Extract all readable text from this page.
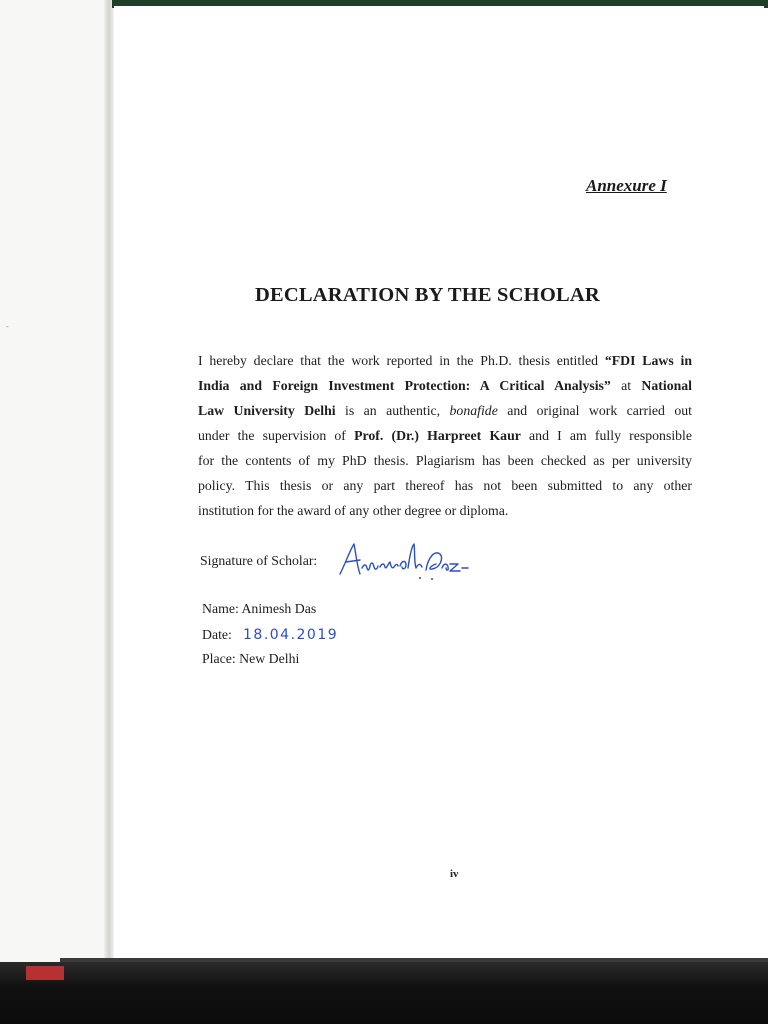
-
Annexure I
DECLARATION BY THE SCHOLAR
I hereby declare that the work reported in the Ph.D. thesis entitled “FDI Laws in
India and Foreign Investment Protection: A Critical Analysis” at National
Law University Delhi is an authentic, bonafide and original work carried out
under the supervision of Prof. (Dr.) Harpreet Kaur and I am fully responsible
for the contents of my PhD thesis. Plagiarism has been checked as per university
policy. This thesis or any part thereof has not been submitted to any other
institution for the award of any other degree or diploma.
Signature of Scholar:
Name: Animesh Das
Date: 18.04.2019
Place: New Delhi
iv
